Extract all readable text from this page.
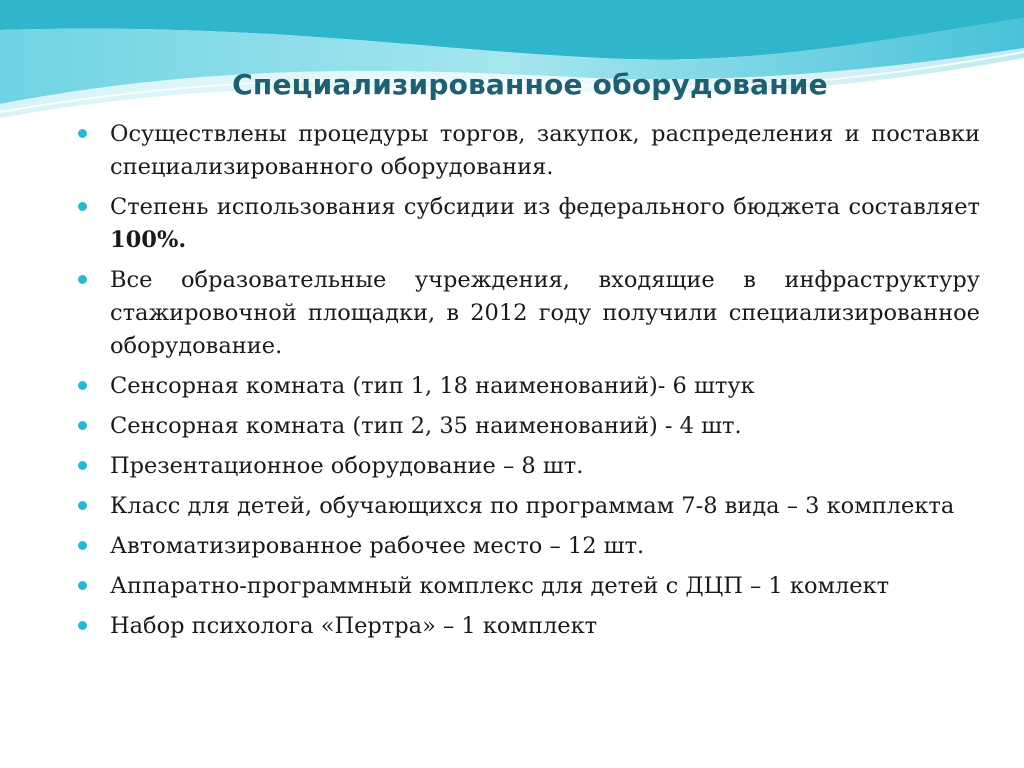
Специализированное оборудование
Осуществлены процедуры торгов, закупок, распределения и поставки специализированного оборудования.
Степень использования субсидии из федерального бюджета составляет 100%.
Все образовательные учреждения, входящие в инфраструктуру стажировочной площадки, в 2012 году получили специализированное оборудование.
Сенсорная комната (тип 1, 18 наименований)- 6 штук
Сенсорная комната (тип 2, 35 наименований) - 4 шт.
Презентационное оборудование – 8 шт.
Класс для детей, обучающихся по программам 7-8 вида – 3 комплекта
Автоматизированное рабочее место – 12 шт.
Аппаратно-программный комплекс для детей с ДЦП – 1 комлект
Набор психолога «Пертра» – 1 комплект
